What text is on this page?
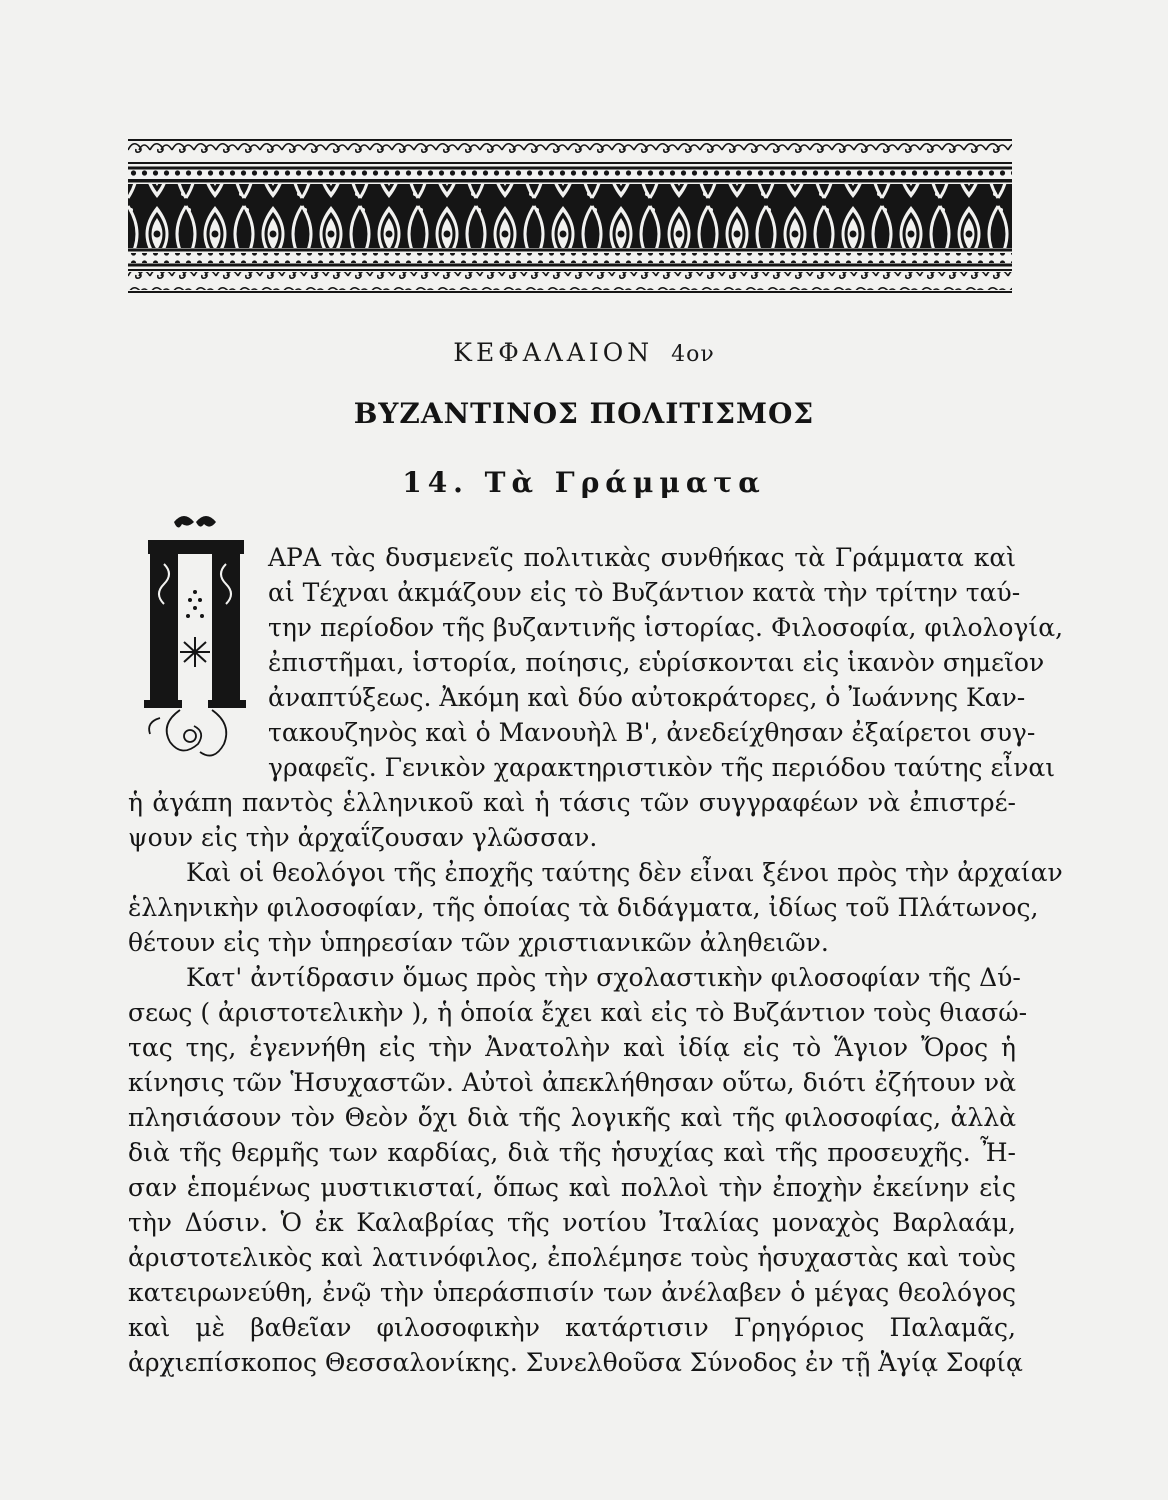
ΚΕΦΑΛΑΙΟΝ 4ον
ΒΥΖΑΝΤΙΝΟΣ ΠΟΛΙΤΙΣΜΟΣ
14. Τὰ Γράμματα
ΑΡΑ τὰς δυσμενεῖς πολιτικὰς συνθήκας τὰ Γράμματα καὶ
αἱ Τέχναι ἀκμάζουν εἰς τὸ Βυζάντιον κατὰ τὴν τρίτην ταύ-
την περίοδον τῆς βυζαντινῆς ἱστορίας. Φιλοσοφία, φιλολογία,
ἐπιστῆμαι, ἱστορία, ποίησις, εὑρίσκονται εἰς ἱκανὸν σημεῖον
ἀναπτύξεως. Ἀκόμη καὶ δύο αὐτοκράτορες, ὁ Ἰωάννης Καν-
τακουζηνὸς καὶ ὁ Μανουὴλ Β', ἀνεδείχθησαν ἐξαίρετοι συγ-
γραφεῖς. Γενικὸν χαρακτηριστικὸν τῆς περιόδου ταύτης εἶναι
ἡ ἀγάπη παντὸς ἑλληνικοῦ καὶ ἡ τάσις τῶν συγγραφέων νὰ ἐπιστρέ-
ψουν εἰς τὴν ἀρχαΐζουσαν γλῶσσαν.
Καὶ οἱ θεολόγοι τῆς ἐποχῆς ταύτης δὲν εἶναι ξένοι πρὸς τὴν ἀρχαίαν
ἑλληνικὴν φιλοσοφίαν, τῆς ὁποίας τὰ διδάγματα, ἰδίως τοῦ Πλάτωνος,
θέτουν εἰς τὴν ὑπηρεσίαν τῶν χριστιανικῶν ἀληθειῶν.
Κατ' ἀντίδρασιν ὅμως πρὸς τὴν σχολαστικὴν φιλοσοφίαν τῆς Δύ-
σεως ( ἀριστοτελικὴν ), ἡ ὁποία ἔχει καὶ εἰς τὸ Βυζάντιον τοὺς θιασώ-
τας της, ἐγεννήθη εἰς τὴν Ἀνατολὴν καὶ ἰδίᾳ εἰς τὸ Ἅγιον Ὄρος ἡ
κίνησις τῶν Ἡσυχαστῶν. Αὐτοὶ ἀπεκλήθησαν οὕτω, διότι ἐζήτουν νὰ
πλησιάσουν τὸν Θεὸν ὄχι διὰ τῆς λογικῆς καὶ τῆς φιλοσοφίας, ἀλλὰ
διὰ τῆς θερμῆς των καρδίας, διὰ τῆς ἡσυχίας καὶ τῆς προσευχῆς. Ἦ-
σαν ἑπομένως μυστικισταί, ὅπως καὶ πολλοὶ τὴν ἐποχὴν ἐκείνην εἰς
τὴν Δύσιν. Ὁ ἐκ Καλαβρίας τῆς νοτίου Ἰταλίας μοναχὸς Βαρλαάμ,
ἀριστοτελικὸς καὶ λατινόφιλος, ἐπολέμησε τοὺς ἡσυχαστὰς καὶ τοὺς
κατειρωνεύθη, ἐνῷ τὴν ὑπεράσπισίν των ἀνέλαβεν ὁ μέγας θεολόγος
καὶ μὲ βαθεῖαν φιλοσοφικὴν κατάρτισιν Γρηγόριος Παλαμᾶς,
ἀρχιεπίσκοπος Θεσσαλονίκης. Συνελθοῦσα Σύνοδος ἐν τῇ Ἁγίᾳ Σοφίᾳ
